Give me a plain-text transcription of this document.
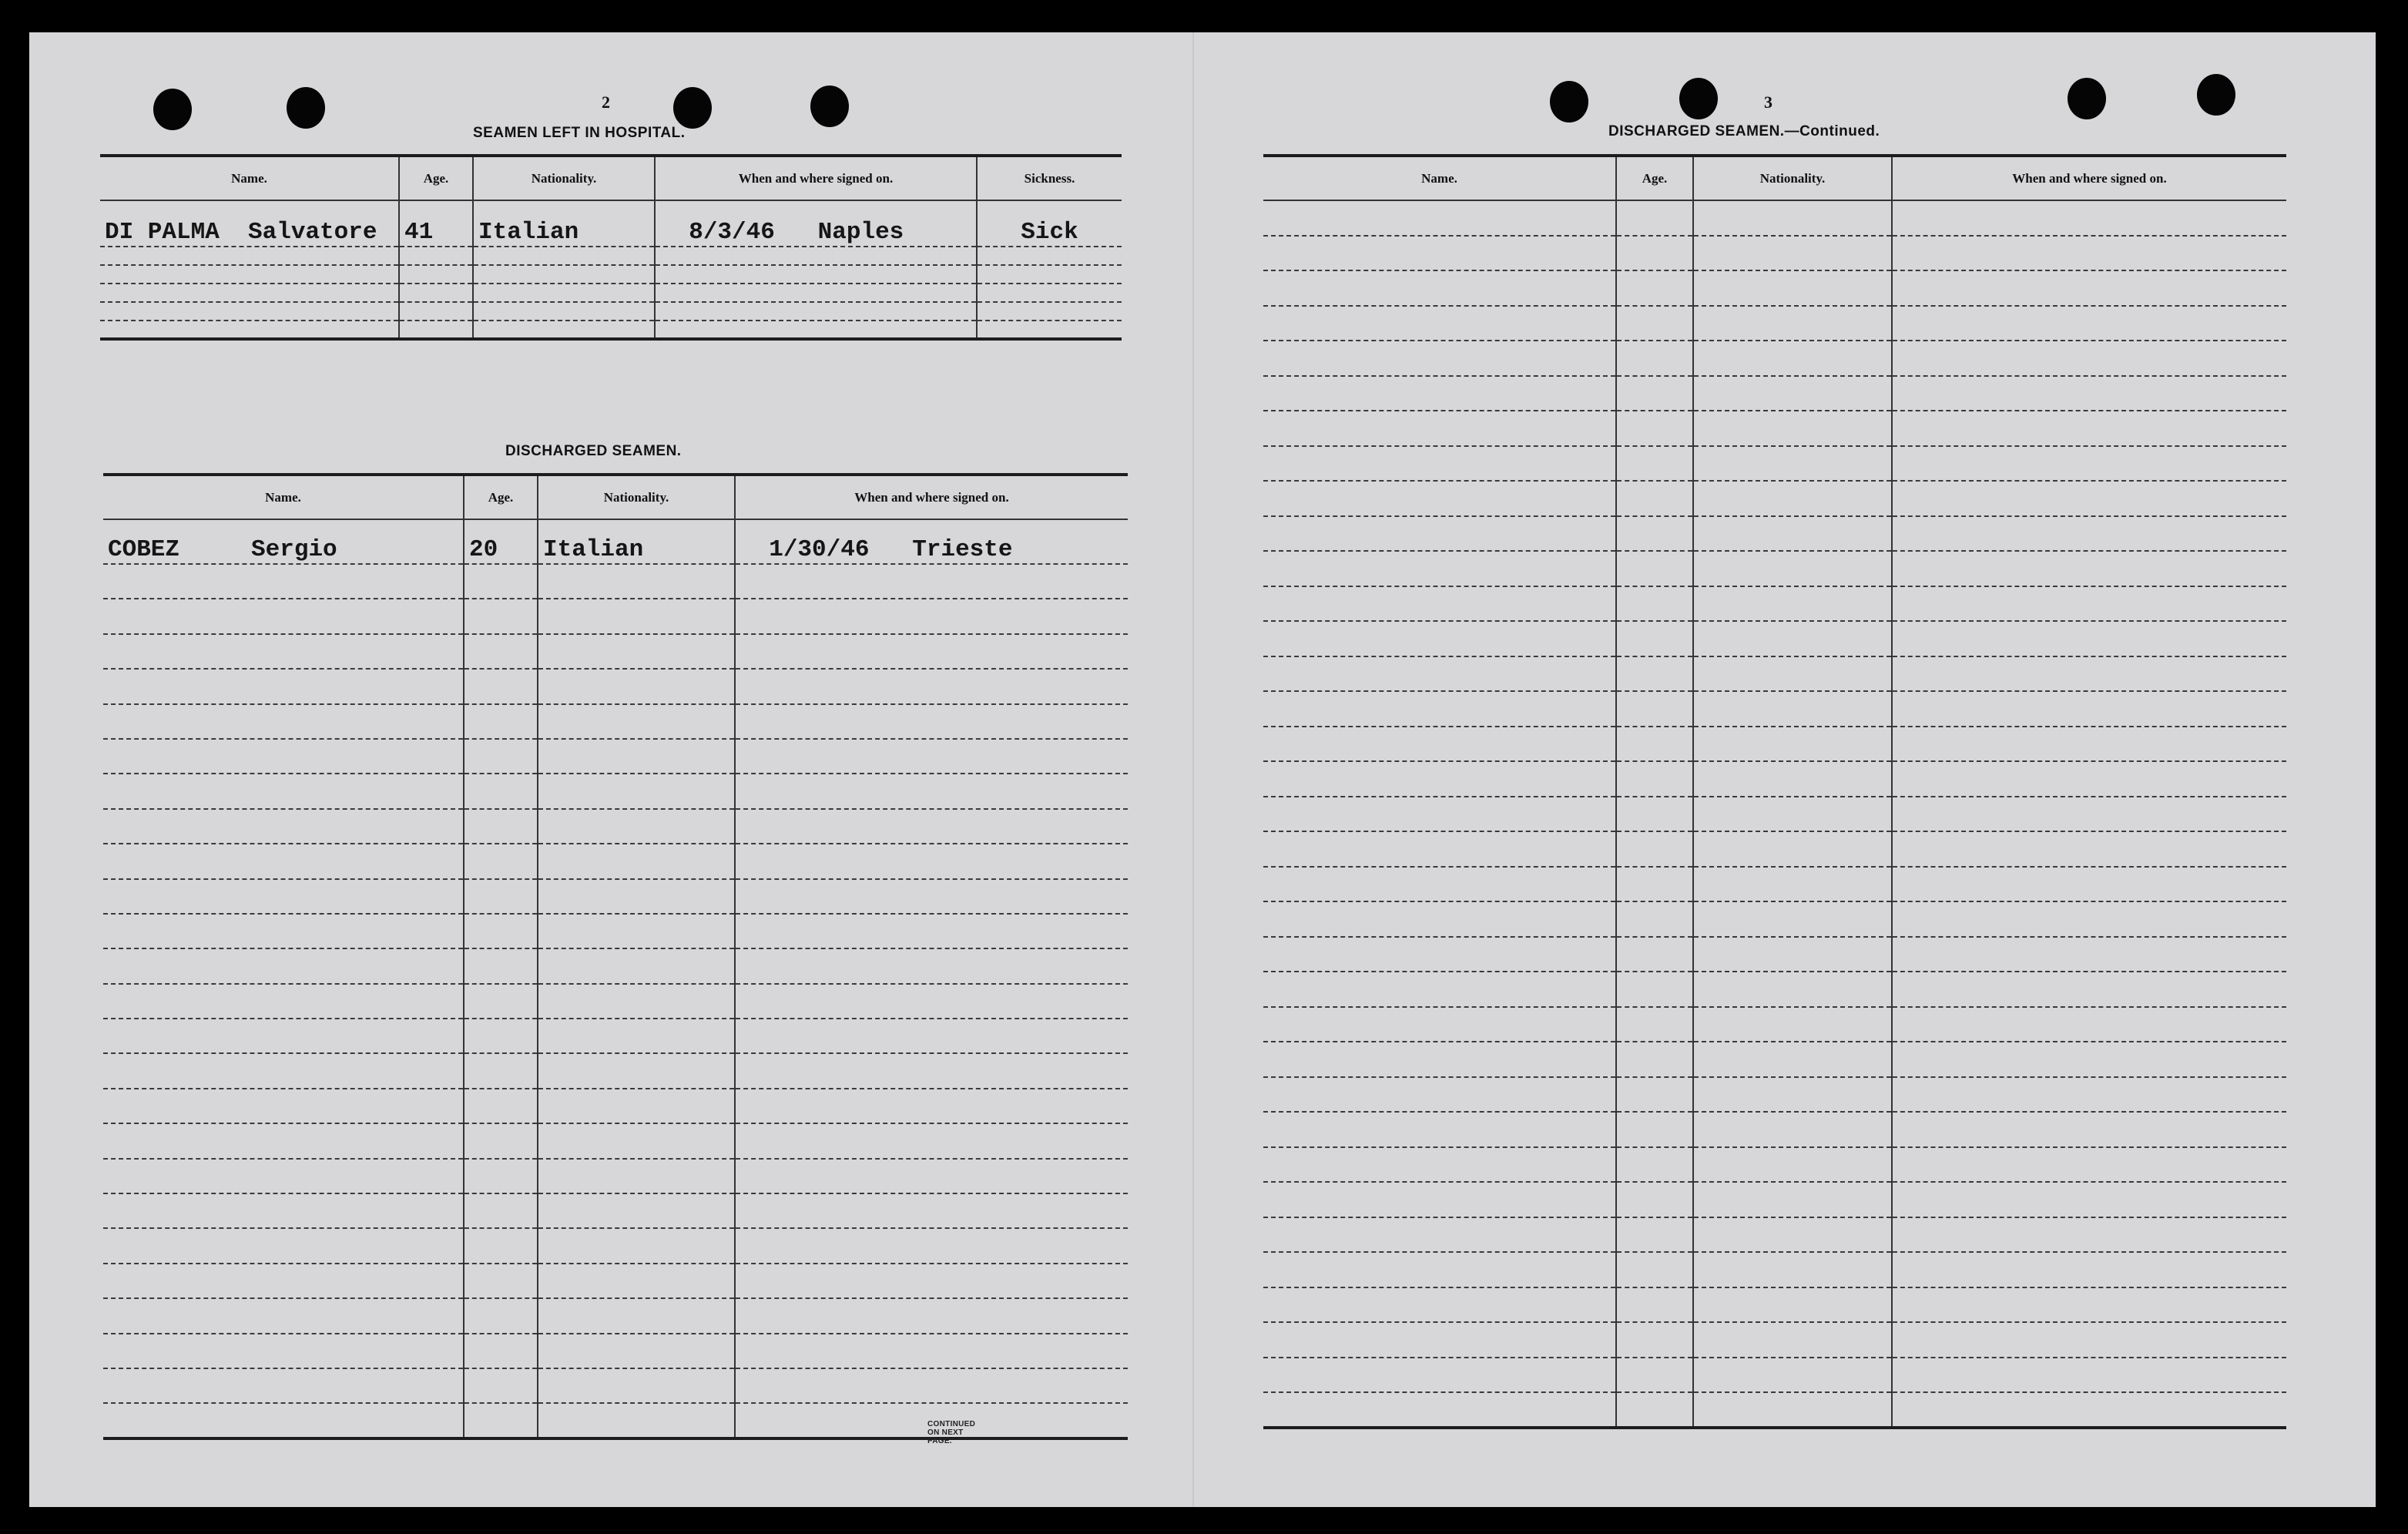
2
SEAMEN LEFT IN HOSPITAL.
Name.	Age.	Nationality.	When and where signed on.	Sickness.
DI PALMA Salvatore	41	Italian	8/3/46 Naples	Sick

DISCHARGED SEAMEN.
Name.	Age.	Nationality.	When and where signed on.
COBEZ Sergio	20	Italian	1/30/46 Trieste

CONTINUED ON NEXT PAGE.
3
DISCHARGED SEAMEN.—Continued.
Name.	Age.	Nationality.	When and where signed on.
